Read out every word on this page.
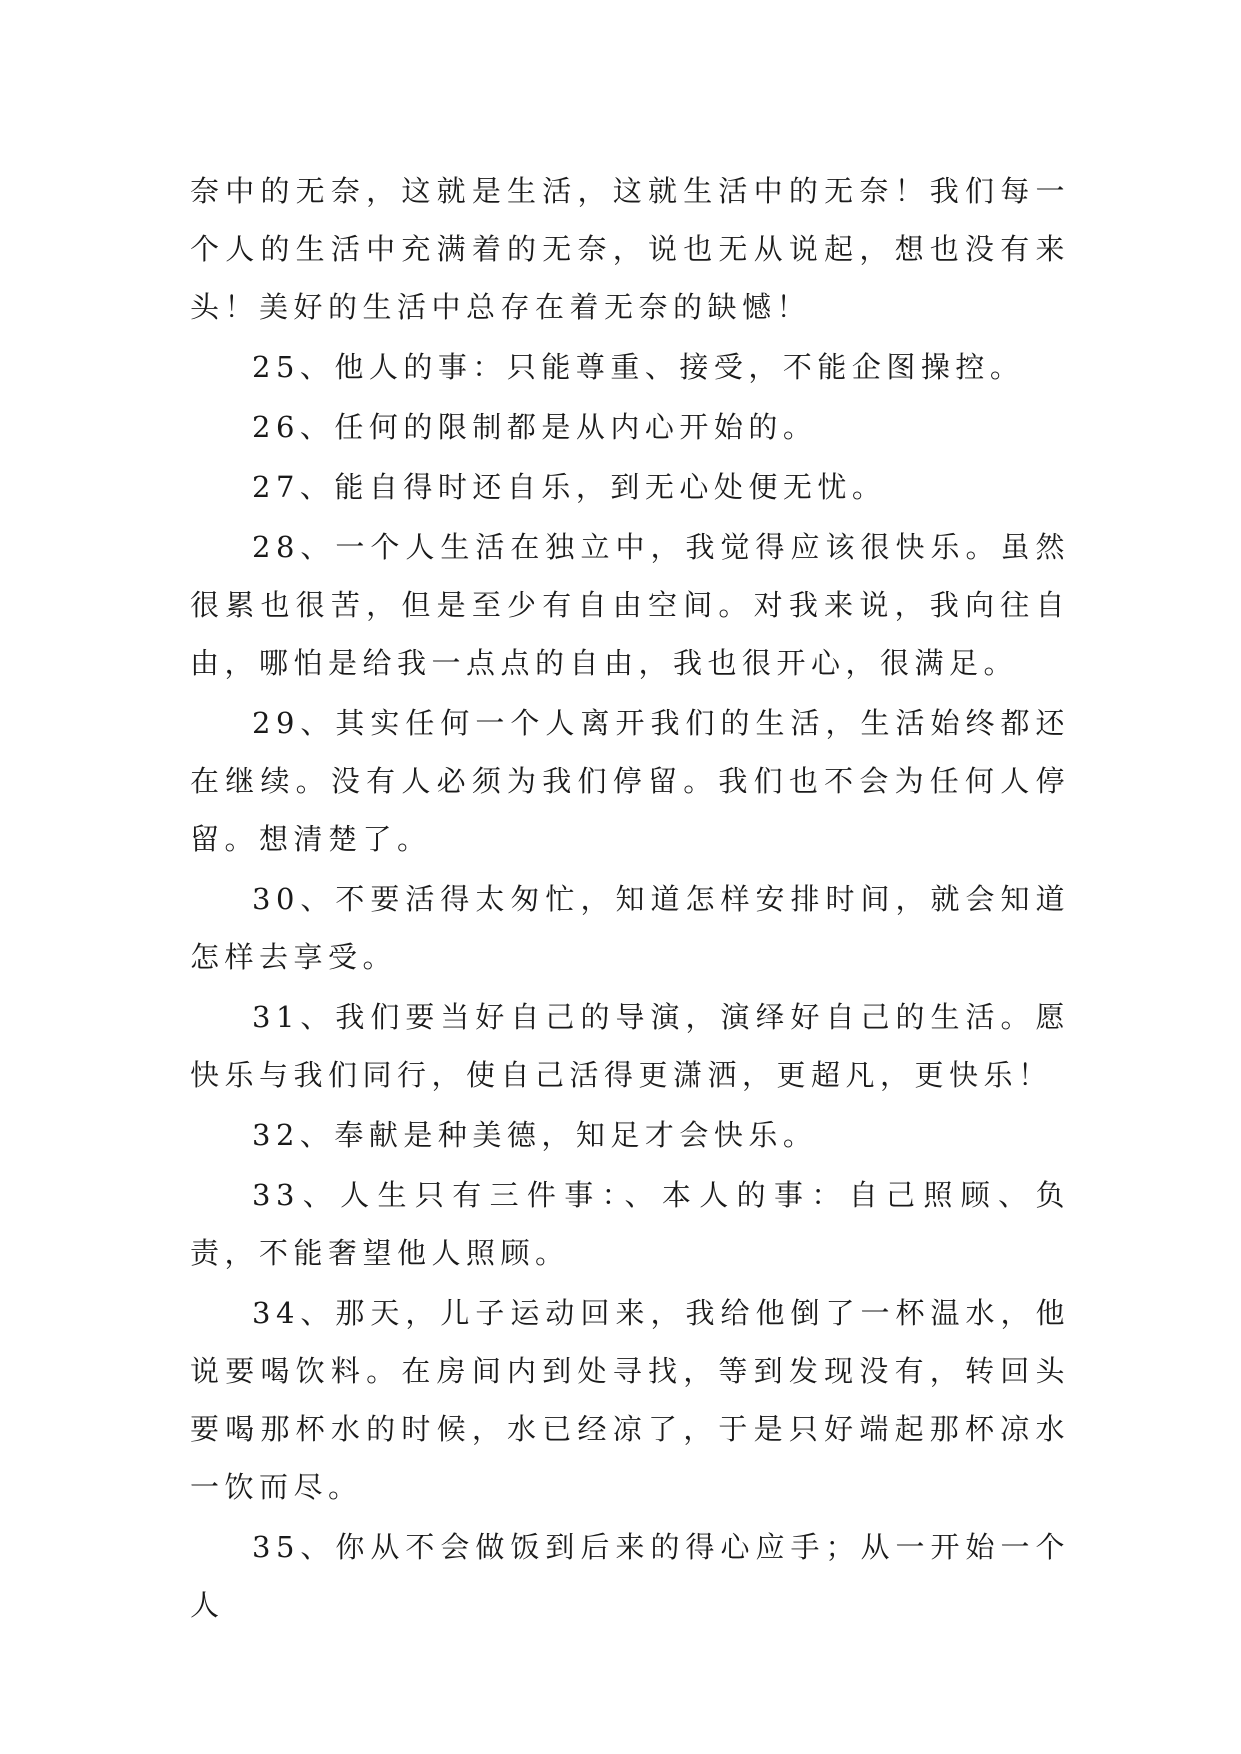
奈中的无奈，这就是生活，这就生活中的无奈！我们每一个人的生活中充满着的无奈，说也无从说起，想也没有来头！美好的生活中总存在着无奈的缺憾！

25、他人的事：只能尊重、接受，不能企图操控。

26、任何的限制都是从内心开始的。

27、能自得时还自乐，到无心处便无忧。

28、一个人生活在独立中，我觉得应该很快乐。虽然很累也很苦，但是至少有自由空间。对我来说，我向往自由，哪怕是给我一点点的自由，我也很开心，很满足。

29、其实任何一个人离开我们的生活，生活始终都还在继续。没有人必须为我们停留。我们也不会为任何人停留。想清楚了。

30、不要活得太匆忙，知道怎样安排时间，就会知道怎样去享受。

31、我们要当好自己的导演，演绎好自己的生活。愿快乐与我们同行，使自己活得更潇洒，更超凡，更快乐！

32、奉献是种美德，知足才会快乐。

33、人生只有三件事：、本人的事：自己照顾、负责，不能奢望他人照顾。

34、那天，儿子运动回来，我给他倒了一杯温水，他说要喝饮料。在房间内到处寻找，等到发现没有，转回头要喝那杯水的时候，水已经凉了，于是只好端起那杯凉水一饮而尽。

35、你从不会做饭到后来的得心应手；从一开始一个人
